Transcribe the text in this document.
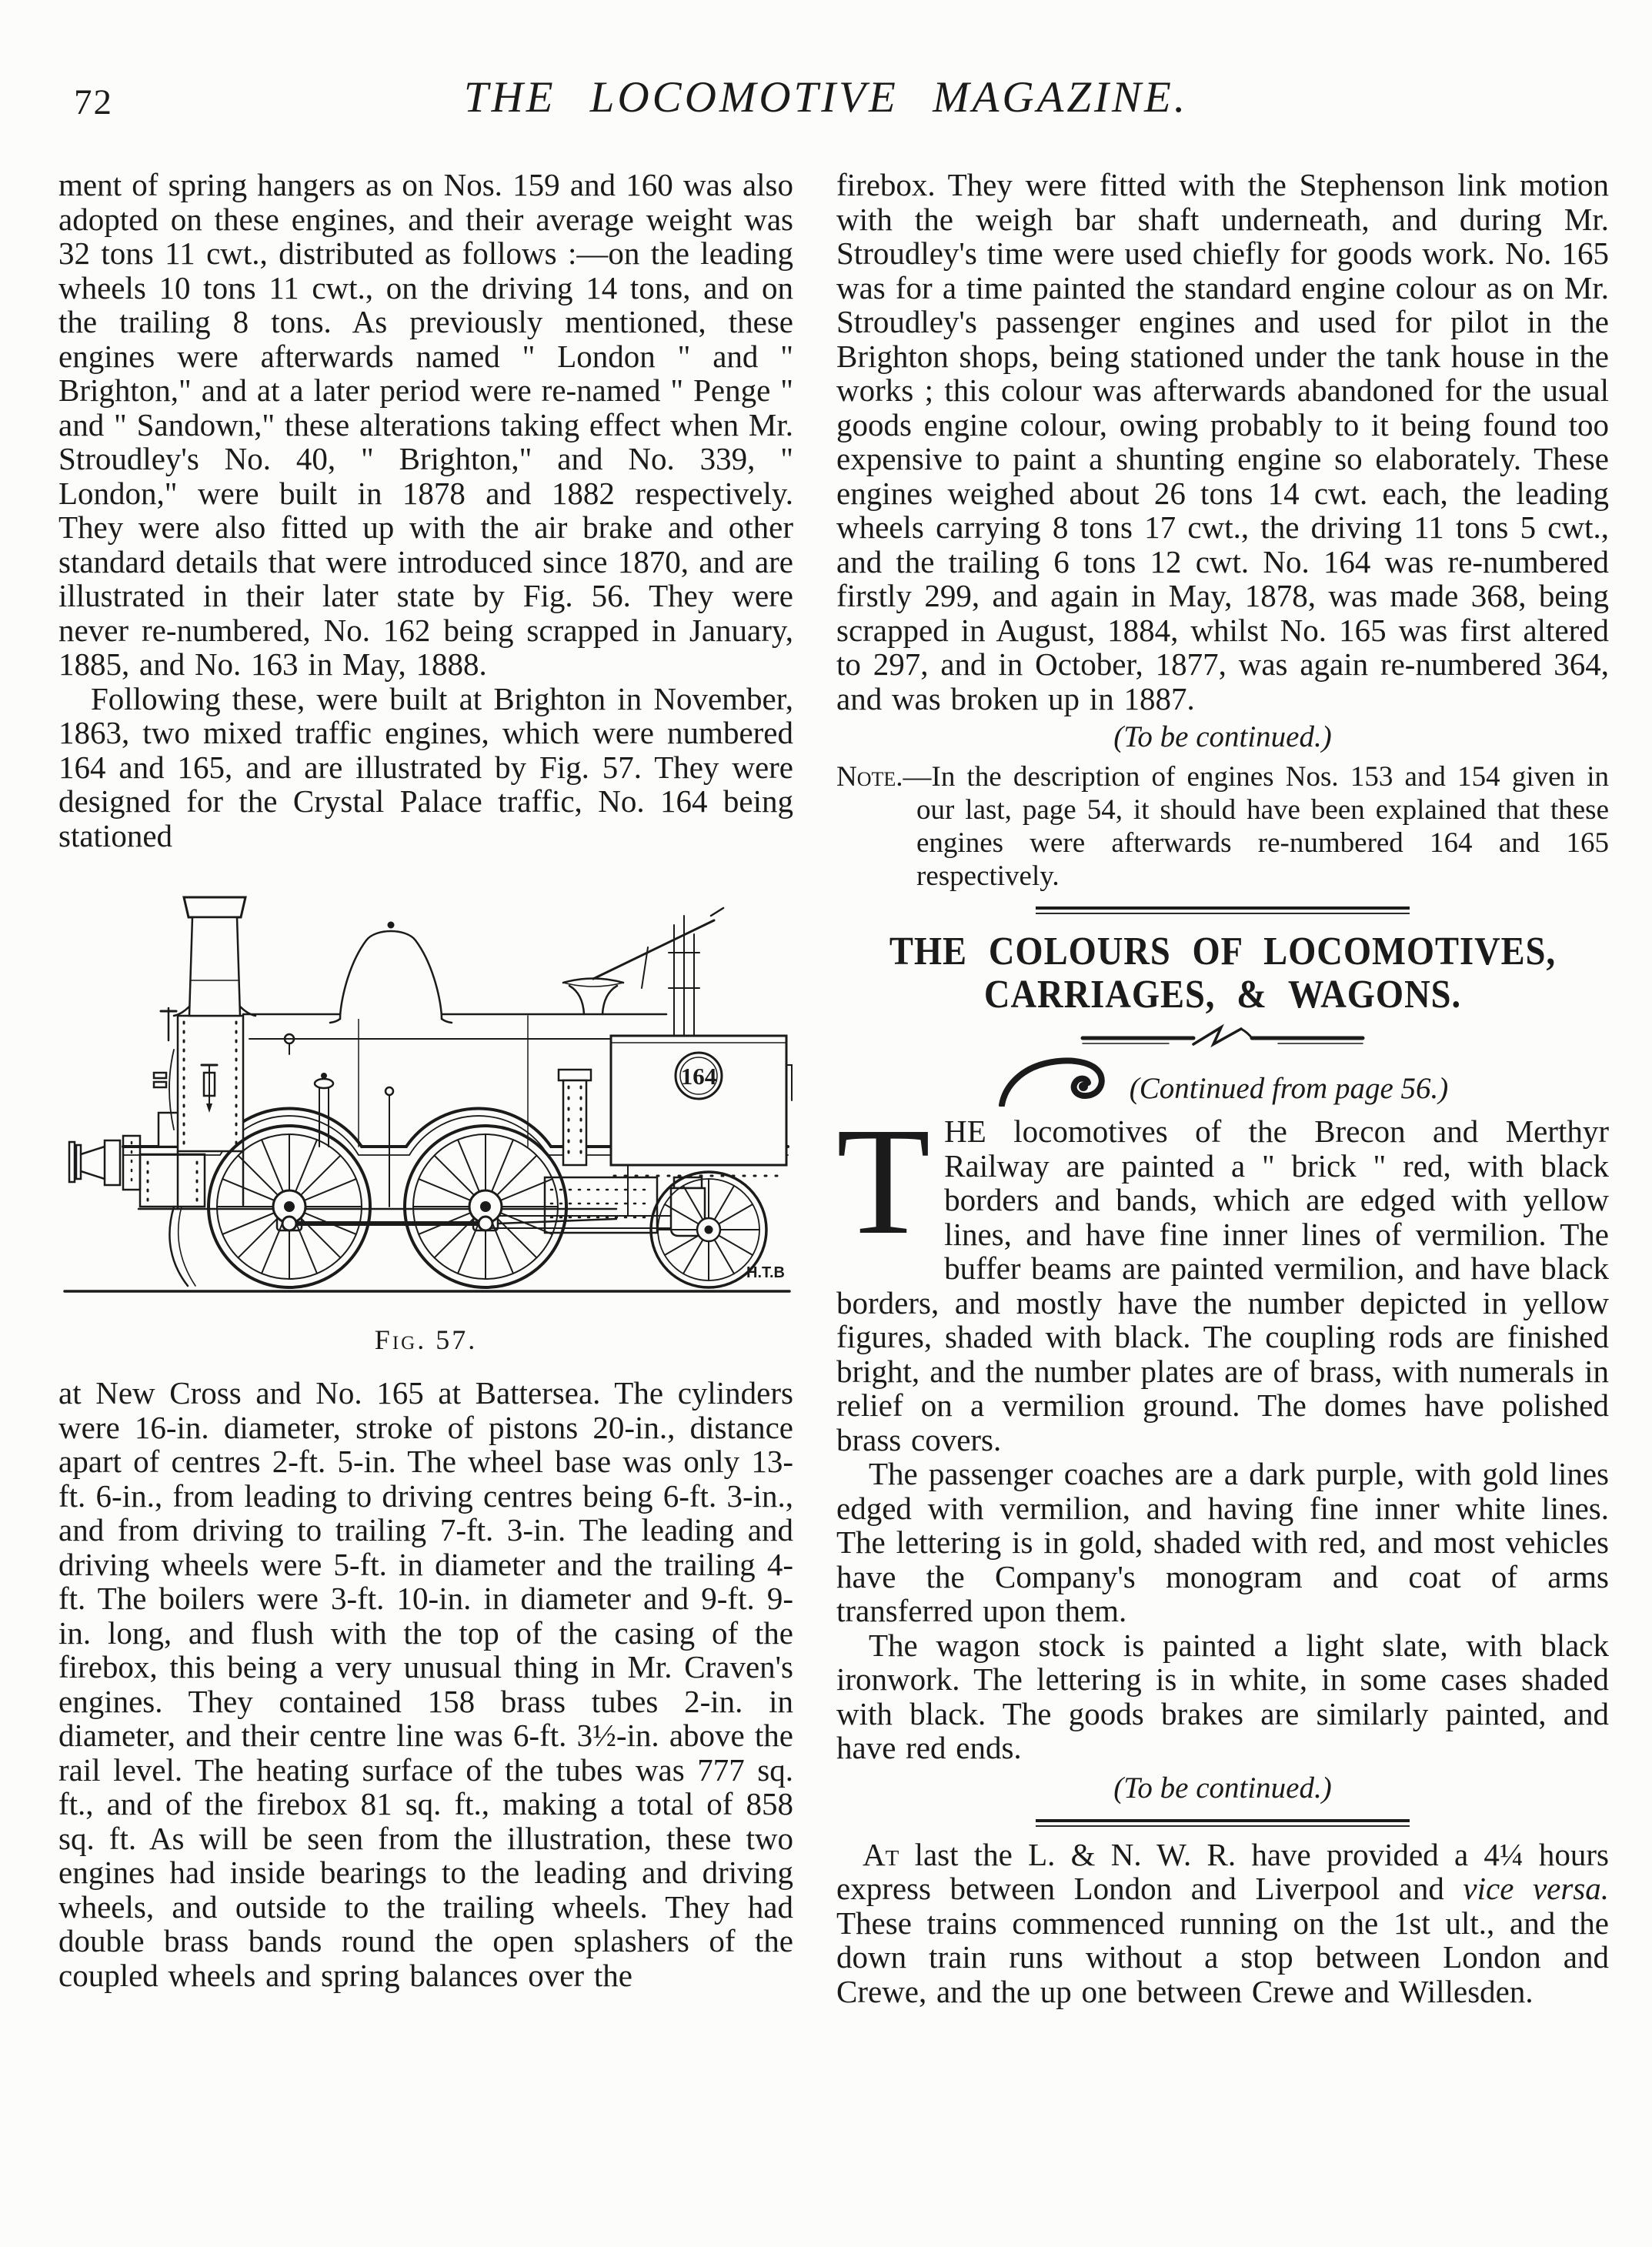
72	THE LOCOMOTIVE MAGAZINE.

ment of spring hangers as on Nos. 159 and 160 was also adopted on these engines, and their average weight was 32 tons 11 cwt., distributed as follows :—on the leading wheels 10 tons 11 cwt., on the driving 14 tons, and on the trailing 8 tons. As previously mentioned, these engines were afterwards named " London " and " Brighton," and at a later period were re-named " Penge " and " Sandown," these alterations taking effect when Mr. Stroudley's No. 40, " Brighton," and No. 339, " London," were built in 1878 and 1882 respectively. They were also fitted up with the air brake and other standard details that were introduced since 1870, and are illustrated in their later state by Fig. 56. They were never re-numbered, No. 162 being scrapped in January, 1885, and No. 163 in May, 1888.

Following these, were built at Brighton in November, 1863, two mixed traffic engines, which were numbered 164 and 165, and are illustrated by Fig. 57. They were designed for the Crystal Palace traffic, No. 164 being stationed

164
H.T.B
Fig. 57.

at New Cross and No. 165 at Battersea. The cylinders were 16-in. diameter, stroke of pistons 20-in., distance apart of centres 2-ft. 5-in. The wheel base was only 13-ft. 6-in., from leading to driving centres being 6-ft. 3-in., and from driving to trailing 7-ft. 3-in. The leading and driving wheels were 5-ft. in diameter and the trailing 4-ft. The boilers were 3-ft. 10-in. in diameter and 9-ft. 9-in. long, and flush with the top of the casing of the firebox, this being a very unusual thing in Mr. Craven's engines. They contained 158 brass tubes 2-in. in diameter, and their centre line was 6-ft. 3½-in. above the rail level. The heating surface of the tubes was 777 sq. ft., and of the firebox 81 sq. ft., making a total of 858 sq. ft. As will be seen from the illustration, these two engines had inside bearings to the leading and driving wheels, and outside to the trailing wheels. They had double brass bands round the open splashers of the coupled wheels and spring balances over the

firebox. They were fitted with the Stephenson link motion with the weigh bar shaft underneath, and during Mr. Stroudley's time were used chiefly for goods work. No. 165 was for a time painted the standard engine colour as on Mr. Stroudley's passenger engines and used for pilot in the Brighton shops, being stationed under the tank house in the works ; this colour was afterwards abandoned for the usual goods engine colour, owing probably to it being found too expensive to paint a shunting engine so elaborately. These engines weighed about 26 tons 14 cwt. each, the leading wheels carrying 8 tons 17 cwt., the driving 11 tons 5 cwt., and the trailing 6 tons 12 cwt. No. 164 was re-numbered firstly 299, and again in May, 1878, was made 368, being scrapped in August, 1884, whilst No. 165 was first altered to 297, and in October, 1877, was again re-numbered 364, and was broken up in 1887.

(To be continued.)

Note.—In the description of engines Nos. 153 and 154 given in our last, page 54, it should have been explained that these engines were afterwards re-numbered 164 and 165 respectively.

THE COLOURS OF LOCOMOTIVES,
CARRIAGES, & WAGONS.
(Continued from page 56.)

THE locomotives of the Brecon and Merthyr Railway are painted a " brick " red, with black borders and bands, which are edged with yellow lines, and have fine inner lines of vermilion. The buffer beams are painted vermilion, and have black borders, and mostly have the number depicted in yellow figures, shaded with black. The coupling rods are finished bright, and the number plates are of brass, with numerals in relief on a vermilion ground. The domes have polished brass covers.

The passenger coaches are a dark purple, with gold lines edged with vermilion, and having fine inner white lines. The lettering is in gold, shaded with red, and most vehicles have the Company's monogram and coat of arms transferred upon them.

The wagon stock is painted a light slate, with black ironwork. The lettering is in white, in some cases shaded with black. The goods brakes are similarly painted, and have red ends.

(To be continued.)

At last the L. & N. W. R. have provided a 4¼ hours express between London and Liverpool and vice versa. These trains commenced running on the 1st ult., and the down train runs without a stop between London and Crewe, and the up one between Crewe and Willesden.
